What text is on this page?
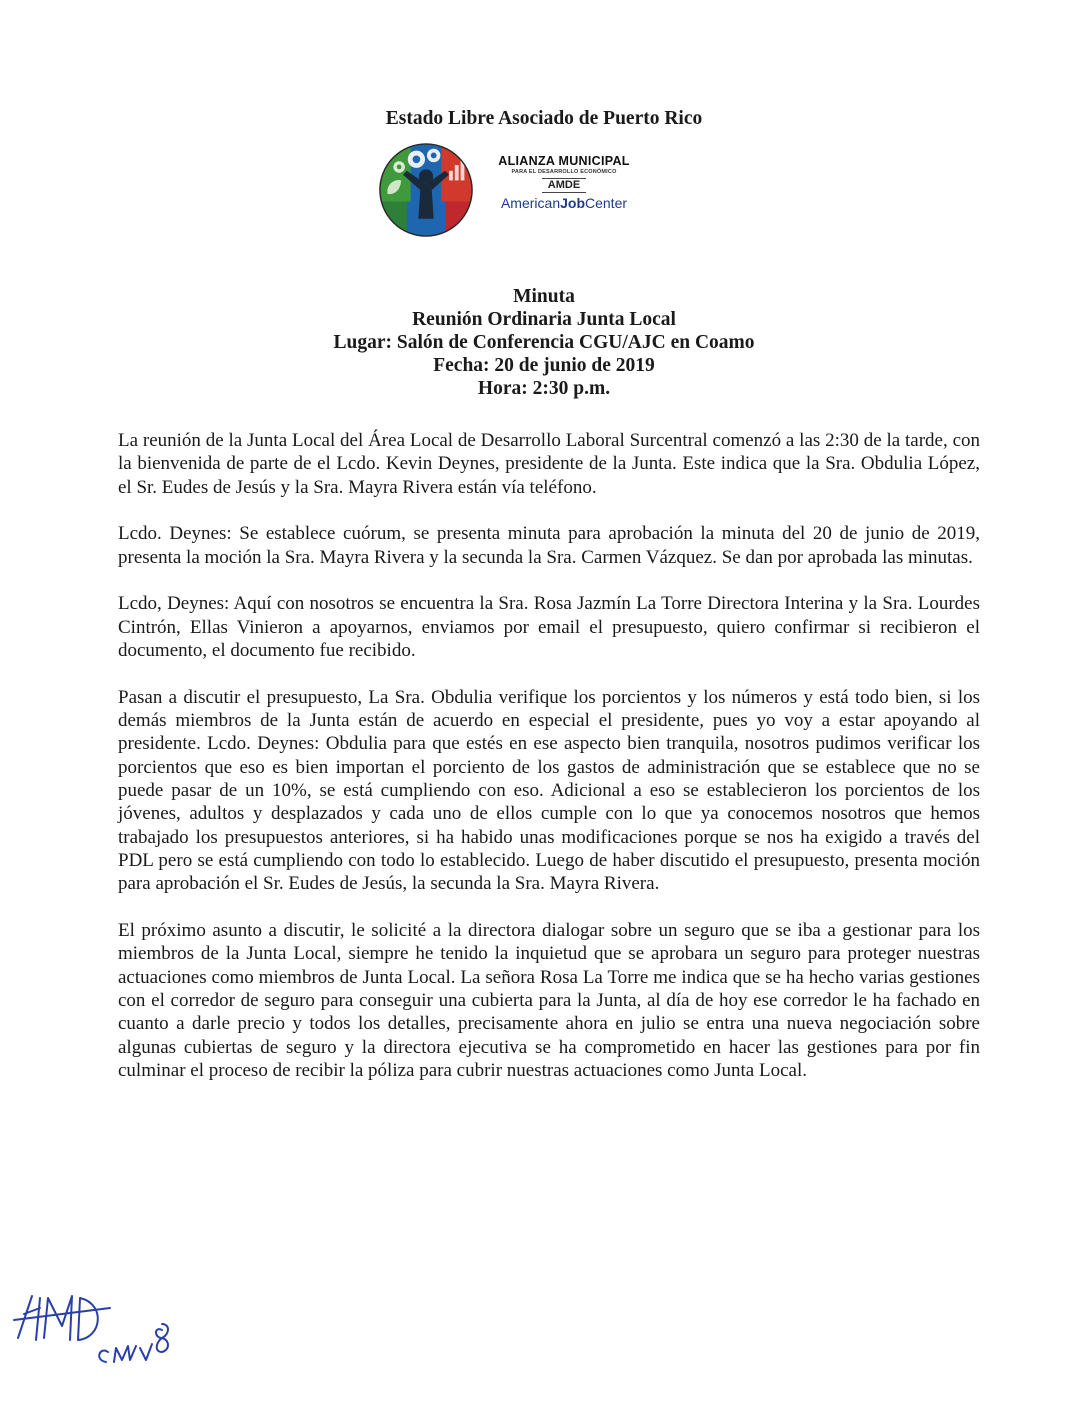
Estado Libre Asociado de Puerto Rico
ALIANZA MUNICIPAL
PARA EL DESARROLLO ECONÓMICO
AMDE
AmericanJobCenter
Minuta
Reunión Ordinaria Junta Local
Lugar: Salón de Conferencia CGU/AJC en Coamo
Fecha: 20 de junio de 2019
Hora: 2:30 p.m.

La reunión de la Junta Local del Área Local de Desarrollo Laboral Surcentral comenzó a las 2:30 de la tarde, con la bienvenida de parte de el Lcdo. Kevin Deynes, presidente de la Junta. Este indica que la Sra. Obdulia López, el Sr. Eudes de Jesús y la Sra. Mayra Rivera están vía teléfono.

Lcdo. Deynes: Se establece cuórum, se presenta minuta para aprobación la minuta del 20 de junio de 2019, presenta la moción la Sra. Mayra Rivera y la secunda la Sra. Carmen Vázquez. Se dan por aprobada las minutas.

Lcdo, Deynes: Aquí con nosotros se encuentra la Sra. Rosa Jazmín La Torre Directora Interina y la Sra. Lourdes Cintrón, Ellas Vinieron a apoyarnos, enviamos por email el presupuesto, quiero confirmar si recibieron el documento, el documento fue recibido.

Pasan a discutir el presupuesto, La Sra. Obdulia verifique los porcientos y los números y está todo bien, si los demás miembros de la Junta están de acuerdo en especial el presidente, pues yo voy a estar apoyando al presidente. Lcdo. Deynes: Obdulia para que estés en ese aspecto bien tranquila, nosotros pudimos verificar los porcientos que eso es bien importan el porciento de los gastos de administración que se establece que no se puede pasar de un 10%, se está cumpliendo con eso. Adicional a eso se establecieron los porcientos de los jóvenes, adultos y desplazados y cada uno de ellos cumple con lo que ya conocemos nosotros que hemos trabajado los presupuestos anteriores, si ha habido unas modificaciones porque se nos ha exigido a través del PDL pero se está cumpliendo con todo lo establecido. Luego de haber discutido el presupuesto, presenta moción para aprobación el Sr. Eudes de Jesús, la secunda la Sra. Mayra Rivera.

El próximo asunto a discutir, le solicité a la directora dialogar sobre un seguro que se iba a gestionar para los miembros de la Junta Local, siempre he tenido la inquietud que se aprobara un seguro para proteger nuestras actuaciones como miembros de Junta Local. La señora Rosa La Torre me indica que se ha hecho varias gestiones con el corredor de seguro para conseguir una cubierta para la Junta, al día de hoy ese corredor le ha fachado en cuanto a darle precio y todos los detalles, precisamente ahora en julio se entra una nueva negociación sobre algunas cubiertas de seguro y la directora ejecutiva se ha comprometido en hacer las gestiones para por fin culminar el proceso de recibir la póliza para cubrir nuestras actuaciones como Junta Local.
